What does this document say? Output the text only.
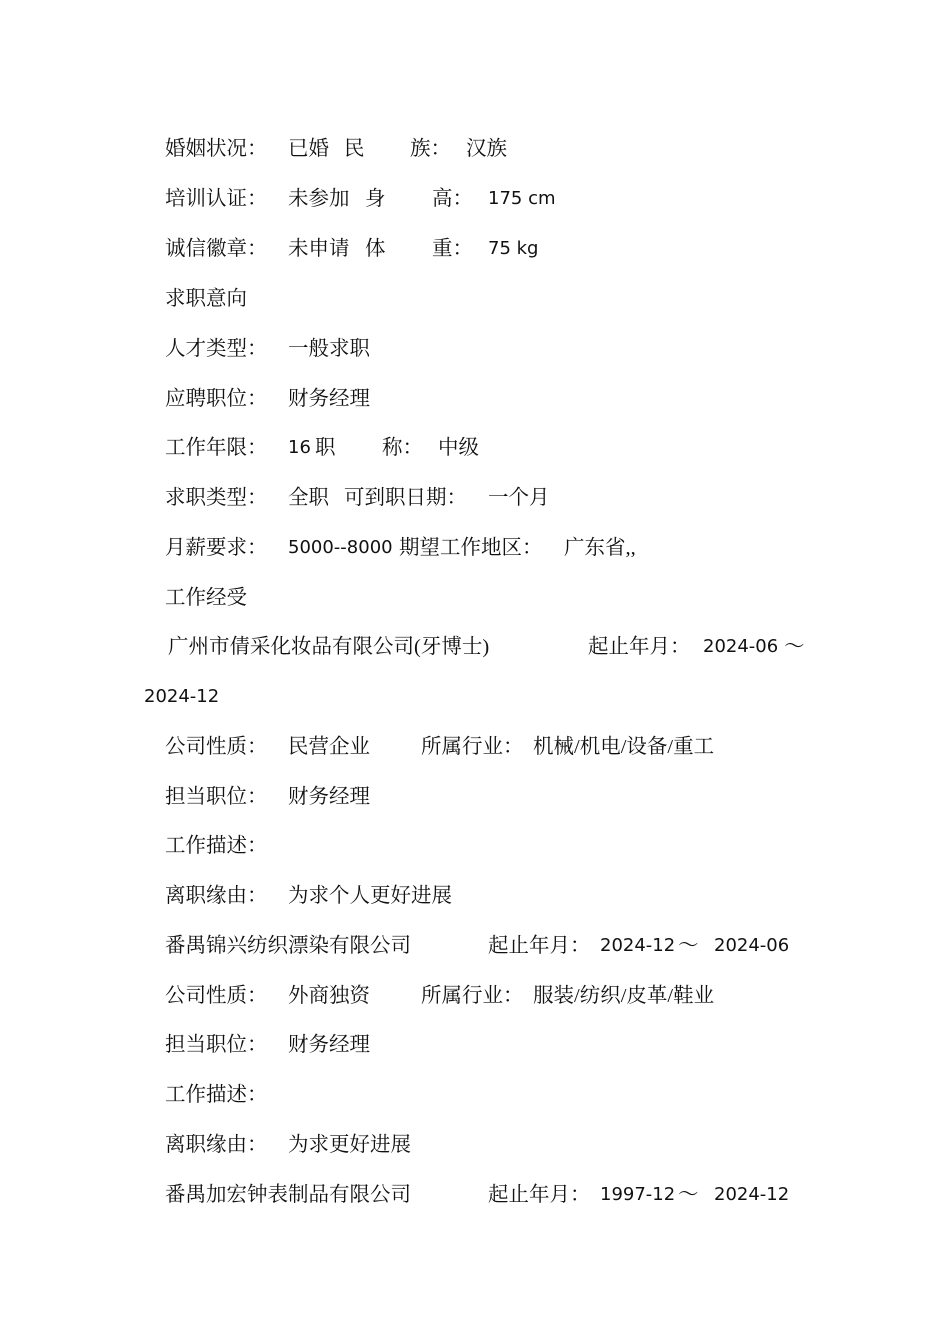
婚姻状况： 已婚 民 族： 汉族
培训认证： 未参加 身 高： 175 cm
诚信徽章： 未申请 体 重： 75 kg
求职意向
人才类型： 一般求职
应聘职位： 财务经理
工作年限： 16 职 称： 中级
求职类型： 全职 可到职日期： 一个月
月薪要求： 5000--8000 期望工作地区： 广东省,,
工作经受
广州市倩采化妆品有限公司(牙博士)	起止年月： 2024-06 ～
2024-12
公司性质： 民营企业 所属行业： 机械/机电/设备/重工
担当职位： 财务经理
工作描述：
离职缘由： 为求个人更好进展
番禺锦兴纺织漂染有限公司	起止年月： 2024-12 ～ 2024-06
公司性质： 外商独资 所属行业： 服装/纺织/皮革/鞋业
担当职位： 财务经理
工作描述：
离职缘由： 为求更好进展
番禺加宏钟表制品有限公司	起止年月： 1997-12 ～ 2024-12
